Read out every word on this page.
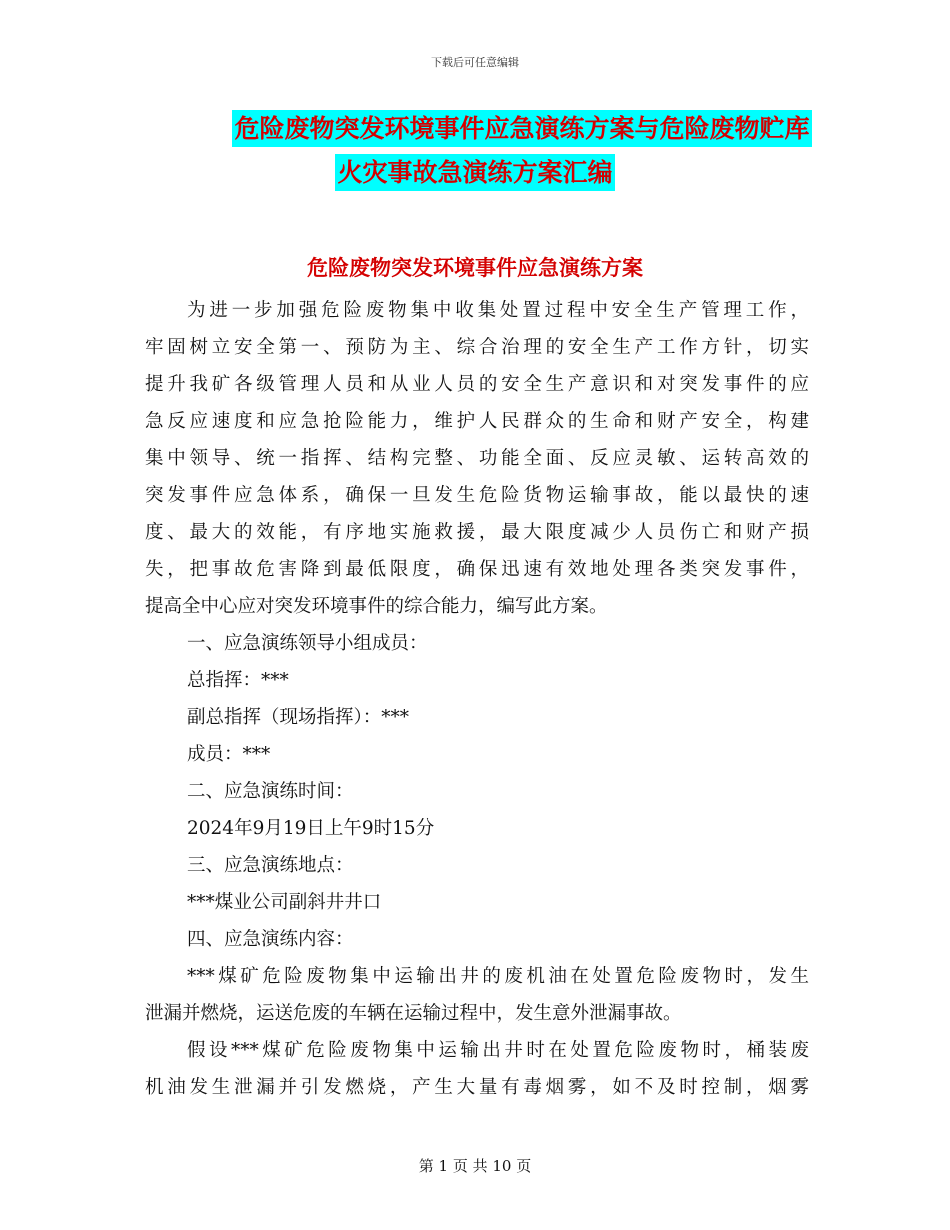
下载后可任意编辑
危险废物突发环境事件应急演练方案与危险废物贮库
火灾事故急演练方案汇编
危险废物突发环境事件应急演练方案
为进一步加强危险废物集中收集处置过程中安全生产管理工作，
牢固树立安全第一、预防为主、综合治理的安全生产工作方针，切实
提升我矿各级管理人员和从业人员的安全生产意识和对突发事件的应
急反应速度和应急抢险能力，维护人民群众的生命和财产安全，构建
集中领导、统一指挥、结构完整、功能全面、反应灵敏、运转高效的
突发事件应急体系，确保一旦发生危险货物运输事故，能以最快的速
度、最大的效能，有序地实施救援，最大限度减少人员伤亡和财产损
失，把事故危害降到最低限度，确保迅速有效地处理各类突发事件，
提高全中心应对突发环境事件的综合能力，编写此方案。
一、应急演练领导小组成员：
总指挥：***
副总指挥（现场指挥）：***
成员：***
二、应急演练时间：
2024年9月19日上午9时15分
三、应急演练地点：
***煤业公司副斜井井口
四、应急演练内容：
***煤矿危险废物集中运输出井的废机油在处置危险废物时，发生
泄漏并燃烧，运送危废的车辆在运输过程中，发生意外泄漏事故。
假设***煤矿危险废物集中运输出井时在处置危险废物时，桶装废
机油发生泄漏并引发燃烧，产生大量有毒烟雾，如不及时控制，烟雾
第 1 页 共 10 页
